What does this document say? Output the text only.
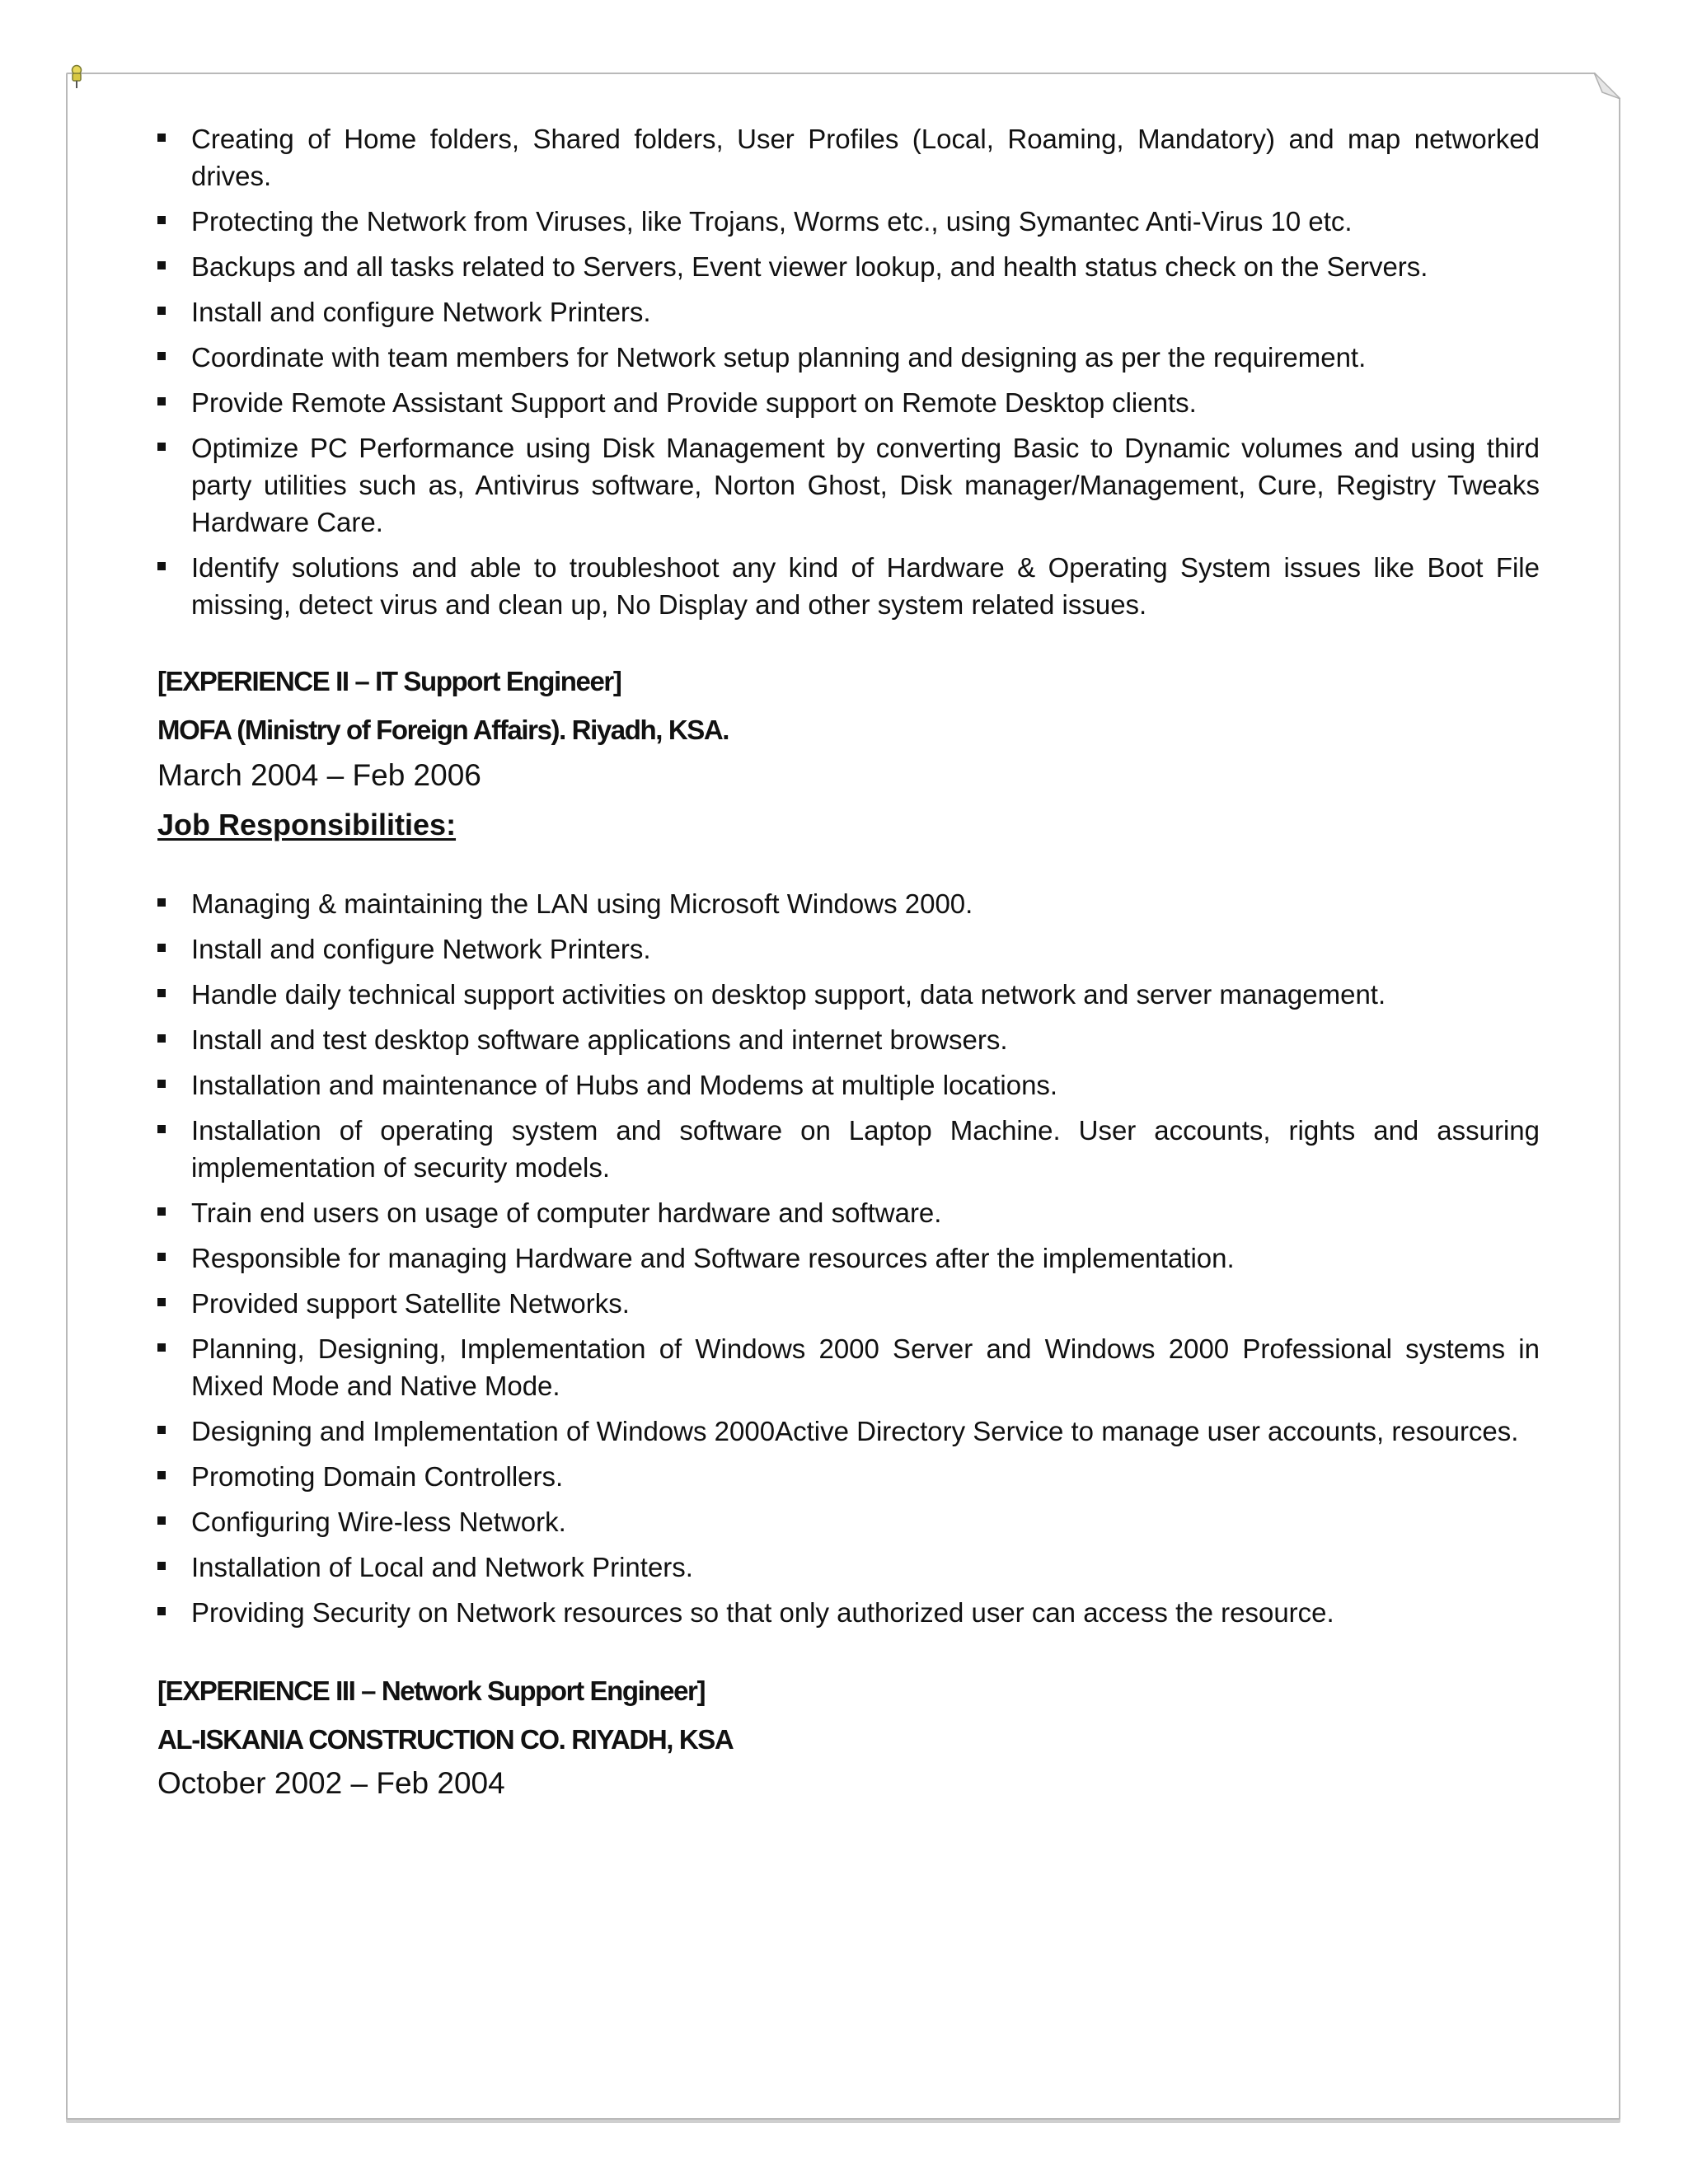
Creating of Home folders, Shared folders, User Profiles (Local, Roaming, Mandatory) and map networked drives.
Protecting the Network from Viruses, like Trojans, Worms etc., using Symantec Anti-Virus 10 etc.
Backups and all tasks related to Servers, Event viewer lookup, and health status check on the Servers.
Install and configure Network Printers.
Coordinate with team members for Network setup planning and designing as per the requirement.
Provide Remote Assistant Support and Provide support on Remote Desktop clients.
Optimize PC Performance using Disk Management by converting Basic to Dynamic volumes and using third party utilities such as, Antivirus software, Norton Ghost, Disk manager/Management, Cure, Registry Tweaks Hardware Care.
Identify solutions and able to troubleshoot any kind of Hardware & Operating System issues like Boot File missing, detect virus and clean up, No Display and other system related issues.

[EXPERIENCE II – IT Support Engineer]

MOFA (Ministry of Foreign Affairs). Riyadh, KSA.

March 2004 – Feb 2006

Job Responsibilities:

Managing & maintaining the LAN using Microsoft Windows 2000.
Install and configure Network Printers.
Handle daily technical support activities on desktop support, data network and server management.
Install and test desktop software applications and internet browsers.
Installation and maintenance of Hubs and Modems at multiple locations.
Installation of operating system and software on Laptop Machine. User accounts, rights and assuring implementation of security models.
Train end users on usage of computer hardware and software.
Responsible for managing Hardware and Software resources after the implementation.
Provided support Satellite Networks.
Planning, Designing, Implementation of Windows 2000 Server and Windows 2000 Professional systems in Mixed Mode and Native Mode.
Designing and Implementation of Windows 2000Active Directory Service to manage user accounts, resources.
Promoting Domain Controllers.
Configuring Wire-less Network.
Installation of Local and Network Printers.
Providing Security on Network resources so that only authorized user can access the resource.

[EXPERIENCE III – Network Support Engineer]

AL-ISKANIA CONSTRUCTION CO. RIYADH, KSA

October 2002 – Feb 2004
